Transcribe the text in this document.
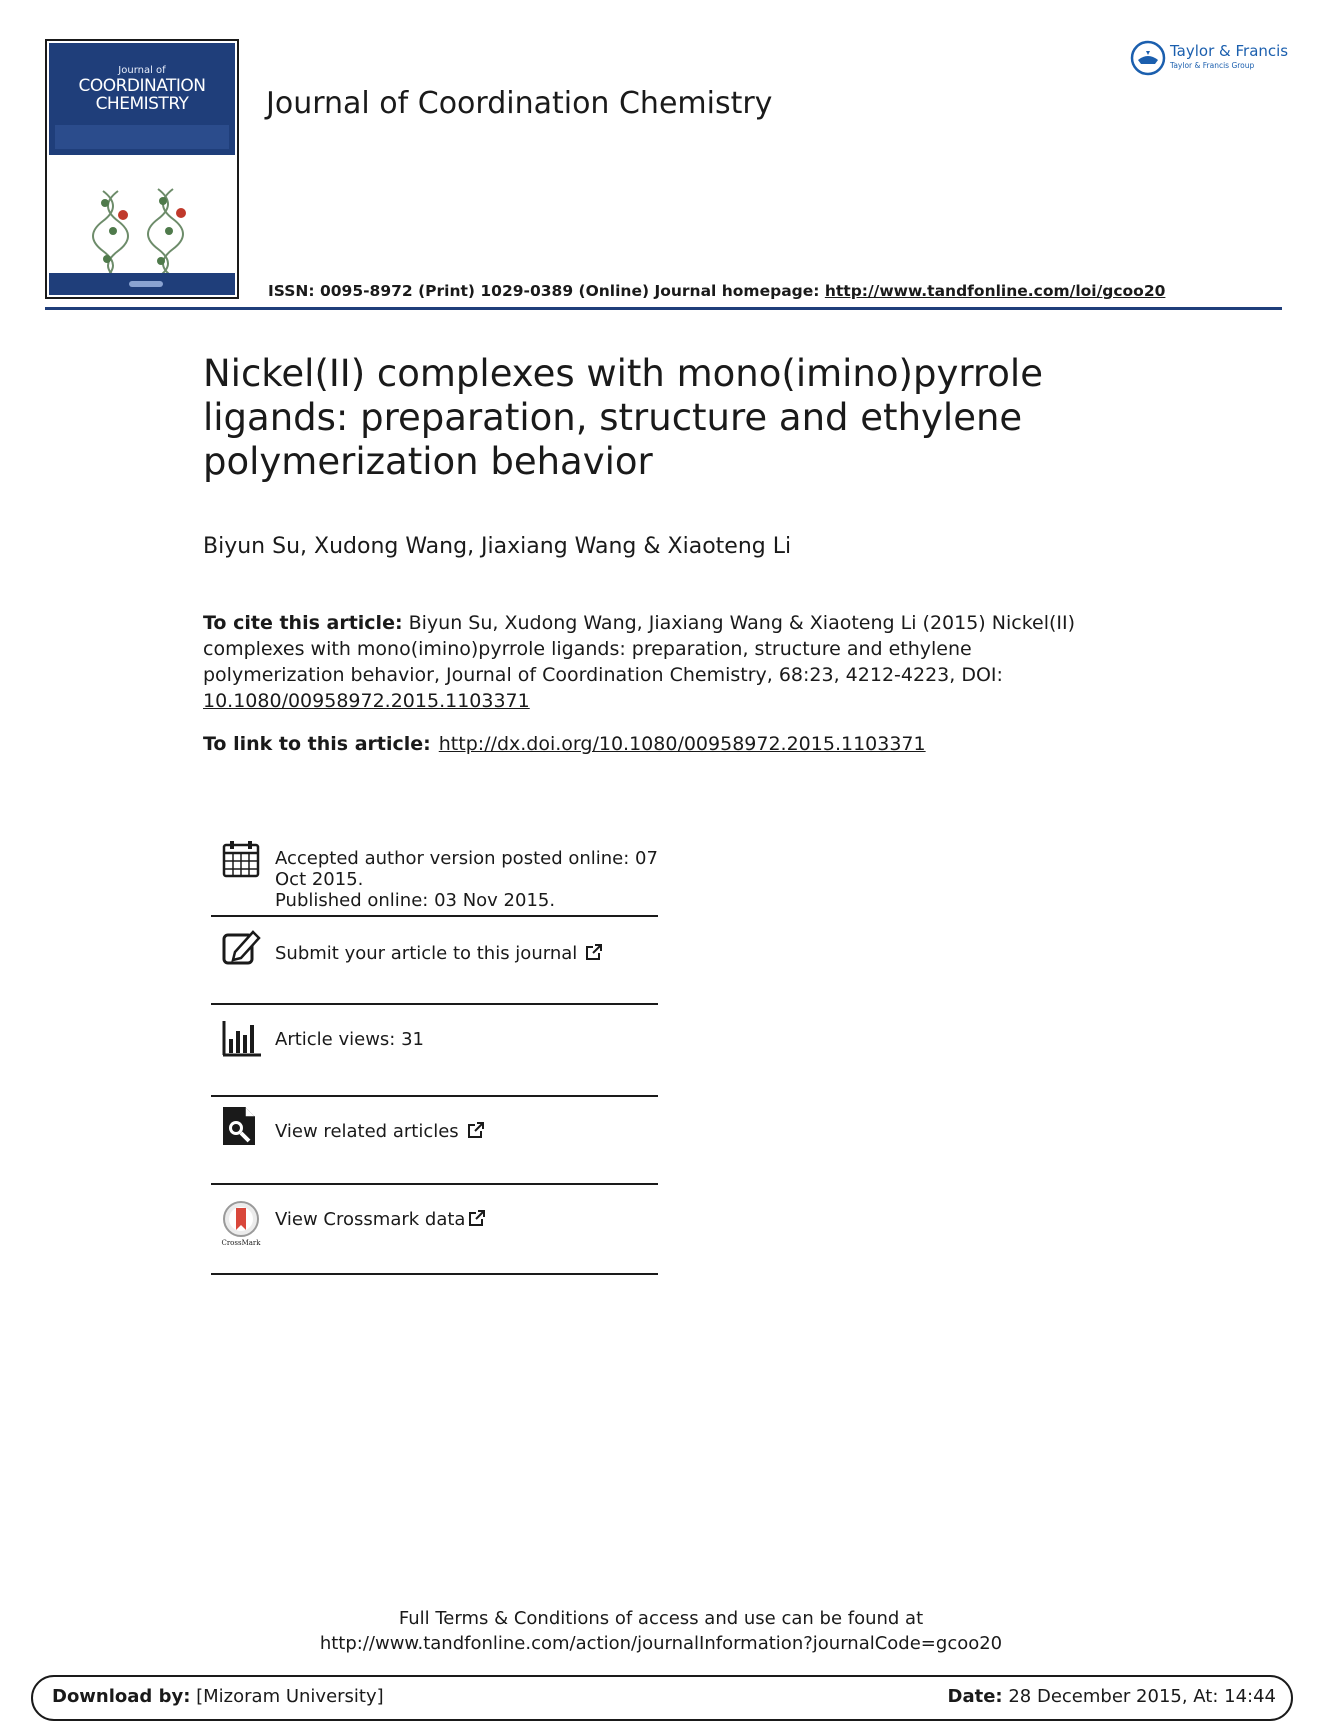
Journal of
COORDINATION
CHEMISTRY	Journal of Coordination Chemistry
Taylor & Francis
Taylor & Francis Group
ISSN: 0095-8972 (Print) 1029-0389 (Online) Journal homepage: http://www.tandfonline.com/loi/gcoo20
Nickel(II) complexes with mono(imino)pyrrole ligands: preparation, structure and ethylene polymerization behavior
Biyun Su, Xudong Wang, Jiaxiang Wang & Xiaoteng Li
To cite this article: Biyun Su, Xudong Wang, Jiaxiang Wang & Xiaoteng Li (2015) Nickel(II) complexes with mono(imino)pyrrole ligands: preparation, structure and ethylene polymerization behavior, Journal of Coordination Chemistry, 68:23, 4212-4223, DOI: 10.1080/00958972.2015.1103371
To link to this article: http://dx.doi.org/10.1080/00958972.2015.1103371
Accepted author version posted online: 07
Oct 2015.
Published online: 03 Nov 2015.
Submit your article to this journal
Article views: 31
View related articles
CrossMark
View Crossmark data
Full Terms & Conditions of access and use can be found at
http://www.tandfonline.com/action/journalInformation?journalCode=gcoo20
Download by: [Mizoram University]	Date: 28 December 2015, At: 14:44
